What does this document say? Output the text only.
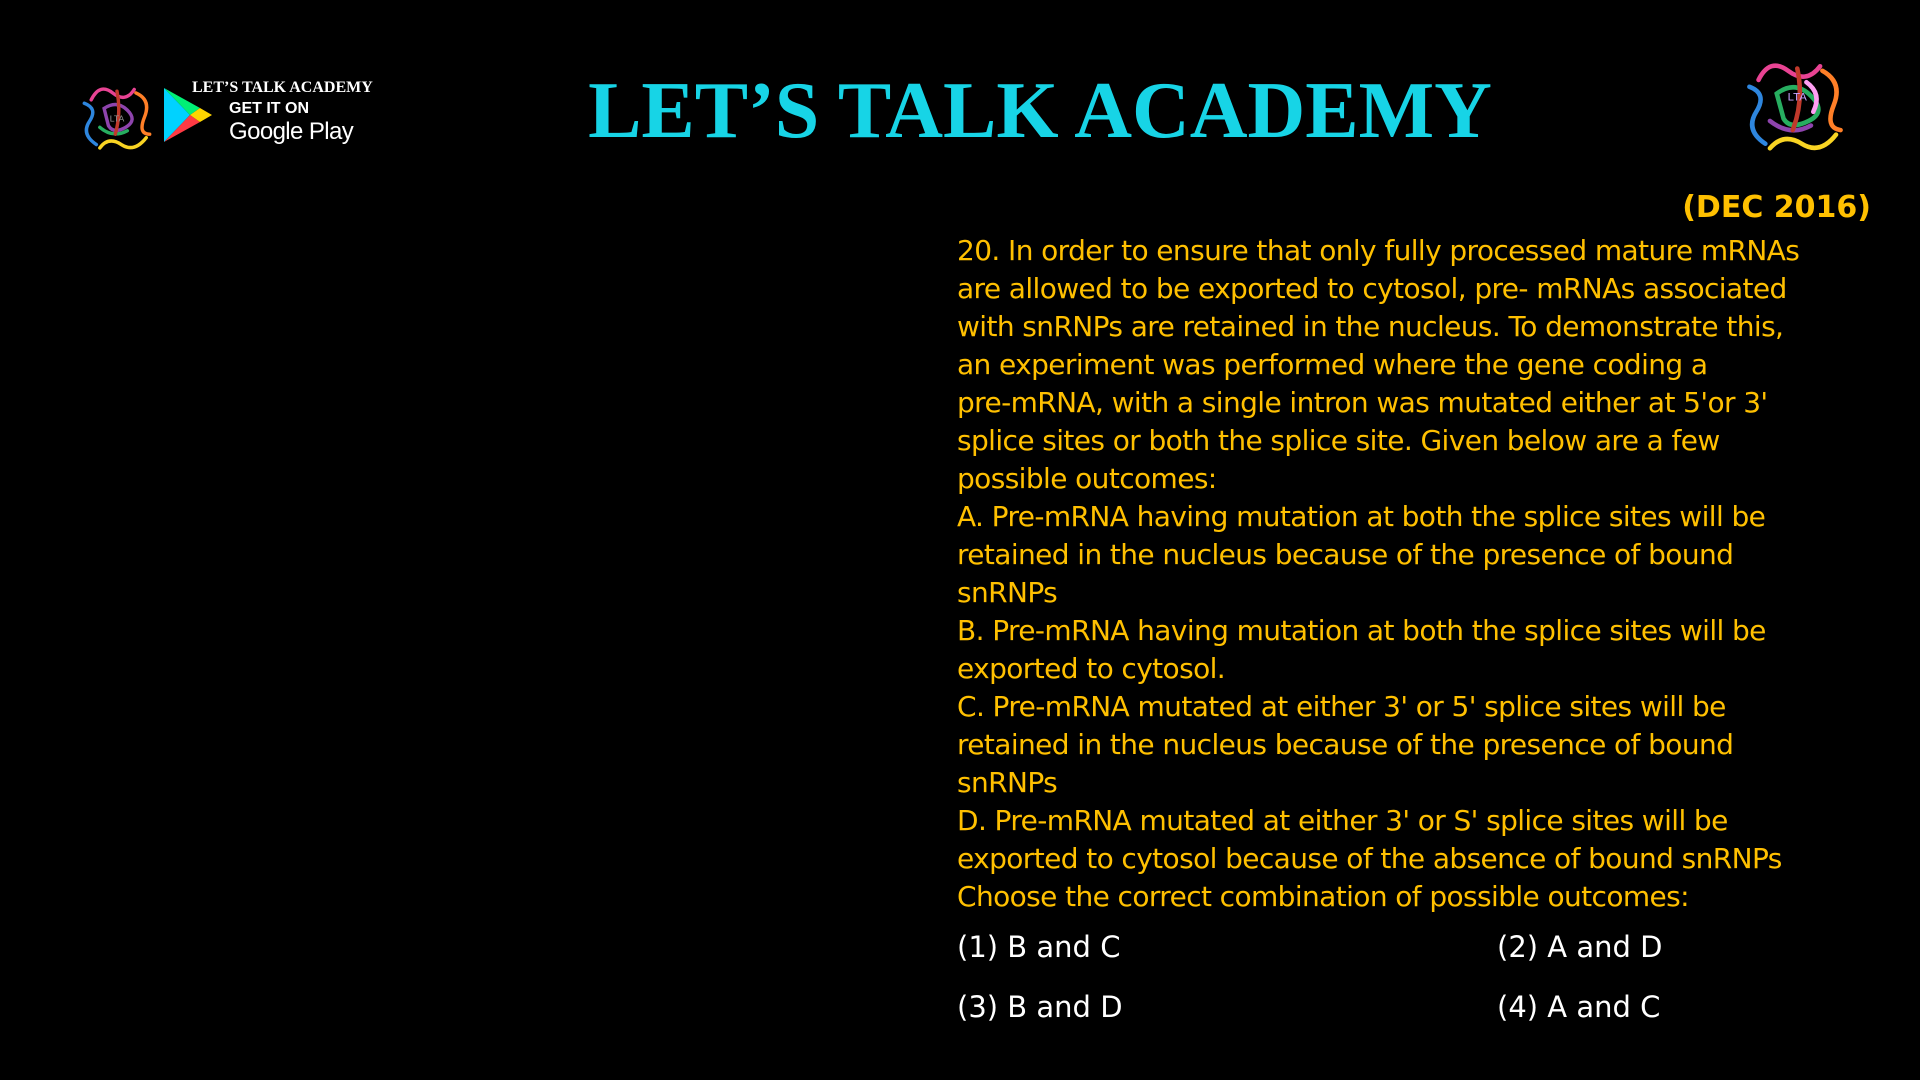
LTA
LET’S TALK ACADEMY
GET IT ON
Google Play	LET’S TALK ACADEMY	LTA
(DEC 2016)
20. In order to ensure that only fully processed mature mRNAs
are allowed to be exported to cytosol, pre- mRNAs associated
with snRNPs are retained in the nucleus. To demonstrate this,
an experiment was performed where the gene coding a
pre-mRNA, with a single intron was mutated either at 5'or 3'
splice sites or both the splice site. Given below are a few
possible outcomes:
A. Pre-mRNA having mutation at both the splice sites will be
retained in the nucleus because of the presence of bound
snRNPs
B. Pre-mRNA having mutation at both the splice sites will be
exported to cytosol.
C. Pre-mRNA mutated at either 3' or 5' splice sites will be
retained in the nucleus because of the presence of bound
snRNPs
D. Pre-mRNA mutated at either 3' or S' splice sites will be
exported to cytosol because of the absence of bound snRNPs
Choose the correct combination of possible outcomes:
(1) B and C	(2) A and D
(3) B and D	(4) A and C
